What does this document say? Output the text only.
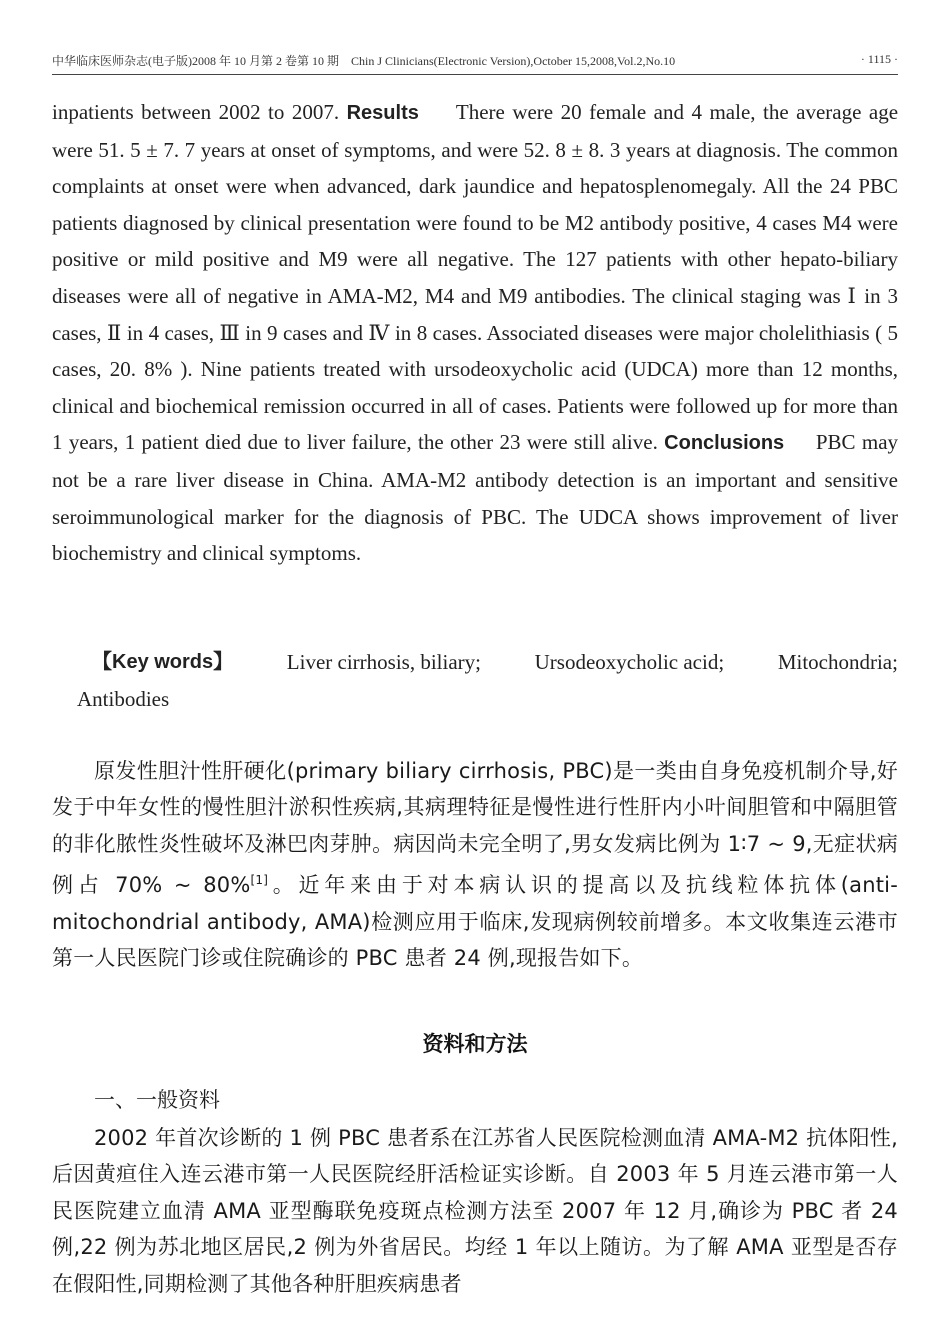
中华临床医师杂志(电子版)2008 年 10 月第 2 卷第 10 期　Chin J Clinicians(Electronic Version),October 15,2008,Vol.2,No.10	· 1115 ·
inpatients between 2002 to 2007. Results There were 20 female and 4 male, the average age were 51. 5 ± 7. 7 years at onset of symptoms, and were 52. 8 ± 8. 3 years at diagnosis. The common complaints at onset were when advanced, dark jaundice and hepatosplenomegaly. All the 24 PBC patients diagnosed by clinical presentation were found to be M2 antibody positive, 4 cases M4 were positive or mild positive and M9 were all negative. The 127 patients with other hepato-biliary diseases were all of negative in AMA-M2, M4 and M9 antibodies. The clinical staging was Ⅰ in 3 cases, Ⅱ in 4 cases, Ⅲ in 9 cases and Ⅳ in 8 cases. Associated diseases were major cholelithiasis ( 5 cases, 20. 8% ). Nine patients treated with ursodeoxycholic acid (UDCA) more than 12 months, clinical and biochemical remission occurred in all of cases. Patients were followed up for more than 1 years, 1 patient died due to liver failure, the other 23 were still alive. Conclusions PBC may not be a rare liver disease in China. AMA-M2 antibody detection is an important and sensitive seroimmunological marker for the diagnosis of PBC. The UDCA shows improvement of liver biochemistry and clinical symptoms.
【Key words】	Liver cirrhosis, biliary;	Ursodeoxycholic acid;	Mitochondria;
Antibodies

原发性胆汁性肝硬化(primary biliary cirrhosis, PBC)是一类由自身免疫机制介导,好发于中年女性的慢性胆汁淤积性疾病,其病理特征是慢性进行性肝内小叶间胆管和中隔胆管的非化脓性炎性破坏及淋巴肉芽肿。病因尚未完全明了,男女发病比例为 1∶7 ~ 9,无症状病例占 70% ~ 80%[1]。近年来由于对本病认识的提高以及抗线粒体抗体(anti-mitochondrial antibody, AMA)检测应用于临床,发现病例较前增多。本文收集连云港市第一人民医院门诊或住院确诊的 PBC 患者 24 例,现报告如下。

资料和方法
一、一般资料

2002 年首次诊断的 1 例 PBC 患者系在江苏省人民医院检测血清 AMA-M2 抗体阳性,后因黄疸住入连云港市第一人民医院经肝活检证实诊断。自 2003 年 5 月连云港市第一人民医院建立血清 AMA 亚型酶联免疫斑点检测方法至 2007 年 12 月,确诊为 PBC 者 24 例,22 例为苏北地区居民,2 例为外省居民。均经 1 年以上随访。为了解 AMA 亚型是否存在假阳性,同期检测了其他各种肝胆疾病患者
